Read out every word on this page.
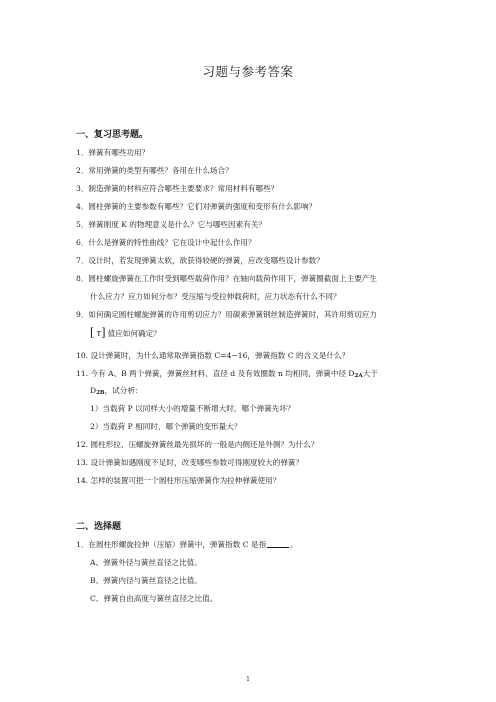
习题与参考答案
一、复习思考题。
1．弹簧有哪些功用？
2．常用弹簧的类型有哪些？各用在什么场合？
3．制造弹簧的材料应符合哪些主要要求？常用材料有哪些？
4．圆柱弹簧的主要参数有哪些？它们对弹簧的强度和变形有什么影响？
5．弹簧刚度 K 的物理意义是什么？它与哪些因素有关？
6．什么是弹簧的特性曲线？它在设计中起什么作用？
7．设计时，若发现弹簧太软，欲获得较硬的弹簧，应改变哪些设计参数？
8．圆柱螺旋弹簧在工作时受到哪些载荷作用？在轴向载荷作用下，弹簧圈截面上主要产生
什么应力？应力如何分布？受压缩与受拉伸载荷时，应力状态有什么不同？
9．如何确定圆柱螺旋弹簧的许用剪切应力？用碳素弹簧钢丝制造弹簧时，其许用剪切应力
[ τ] 值应如何确定？
10. 设计弹簧时，为什么通常取弹簧指数 C=4~16，弹簧指数 C 的含义是什么？
11. 今有 A、B 两个弹簧，弹簧丝材料、直径 d 及有效圈数 n 均相同，弹簧中径 D2A大于
D2B，试分析：
1）当载荷 P 以同样大小的增量不断增大时，哪个弹簧先坏？
2）当载荷 P 相同时，哪个弹簧的变形量大？
12. 圆柱形拉、压螺旋弹簧丝最先损坏的一般是内侧还是外侧？为什么？
13. 设计弹簧如遇刚度不足时，改变哪些参数可得刚度较大的弹簧？
14. 怎样的装置可把一个圆柱形压缩弹簧作为拉伸弹簧使用？
二、选择题
1．在圆柱形螺旋拉伸（压缩）弹簧中，弹簧指数 C 是指	。
A、弹簧外径与簧丝直径之比值。
B、弹簧内径与簧丝直径之比值。
C、弹簧自由高度与簧丝直径之比值。
1
